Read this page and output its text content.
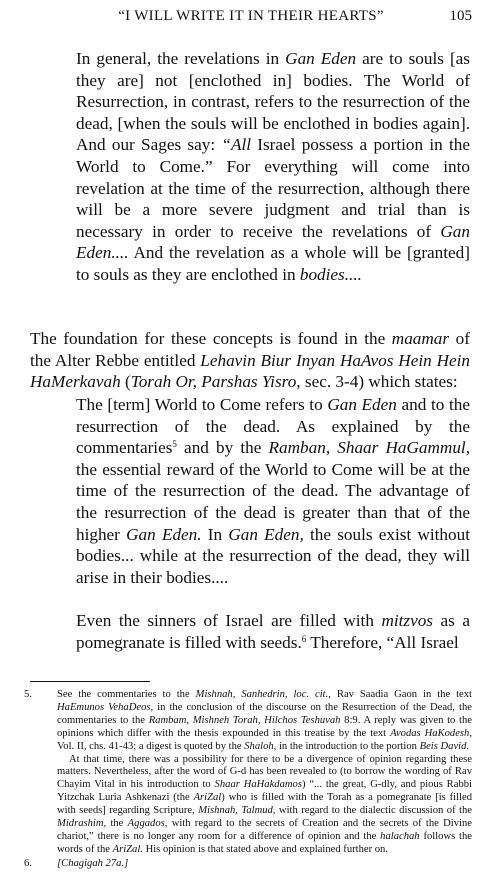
“I WILL WRITE IT IN THEIR HEARTS”	105

In general, the revelations in Gan Eden are to souls [as they are] not [enclothed in] bodies. The World of Resurrection, in contrast, refers to the resurrection of the dead, [when the souls will be enclothed in bodies again]. And our Sages say: “All Israel possess a portion in the World to Come.” For everything will come into revelation at the time of the resurrection, although there will be a more severe judgment and trial than is necessary in order to receive the revelations of Gan Eden.... And the revelation as a whole will be [granted] to souls as they are enclothed in bodies....

The foundation for these concepts is found in the maamar of the Alter Rebbe entitled Lehavin Biur Inyan HaAvos Hein Hein HaMerkavah (Torah Or, Parshas Yisro, sec. 3-4) which states:

The [term] World to Come refers to Gan Eden and to the resurrection of the dead. As explained by the commentaries$^5$ and by the Ramban, Shaar HaGammul, the essential reward of the World to Come will be at the time of the resurrection of the dead. The advantage of the resurrection of the dead is greater than that of the higher Gan Eden. In Gan Eden, the souls exist without bodies... while at the resurrection of the dead, they will arise in their bodies....

Even the sinners of Israel are filled with mitzvos as a pomegranate is filled with seeds.$^6$ Therefore, “All Israel

5.	See the commentaries to the Mishnah, Sanhedrin, loc. cit., Rav Saadia Gaon in the text HaEmunos VehaDeos, in the conclusion of the discourse on the Resurrection of the Dead, the commentaries to the Rambam, Mishneh Torah, Hilchos Teshuvah 8:9. A reply was given to the opinions which differ with the thesis expounded in this treatise by the text Avodas HaKodesh, Vol. II, chs. 41-43; a digest is quoted by the Shaloh, in the introduction to the portion Beis David.

At that time, there was a possibility for there to be a divergence of opinion regarding these matters. Nevertheless, after the word of G-d has been revealed to (to borrow the wording of Rav Chayim Vital in his introduction to Shaar HaHakdamos) “... the great, G-dly, and pious Rabbi Yitzchak Luria Ashkenazi (the AriZal) who is filled with the Torah as a pomegranate [is filled with seeds] regarding Scripture, Mishnah, Talmud, with regard to the dialectic discussion of the Midrashim, the Aggados, with regard to the secrets of Creation and the secrets of the Divine chariot,” there is no longer any room for a difference of opinion and the halachah follows the words of the AriZal. His opinion is that stated above and explained further on.

6.	[Chagigah 27a.]
